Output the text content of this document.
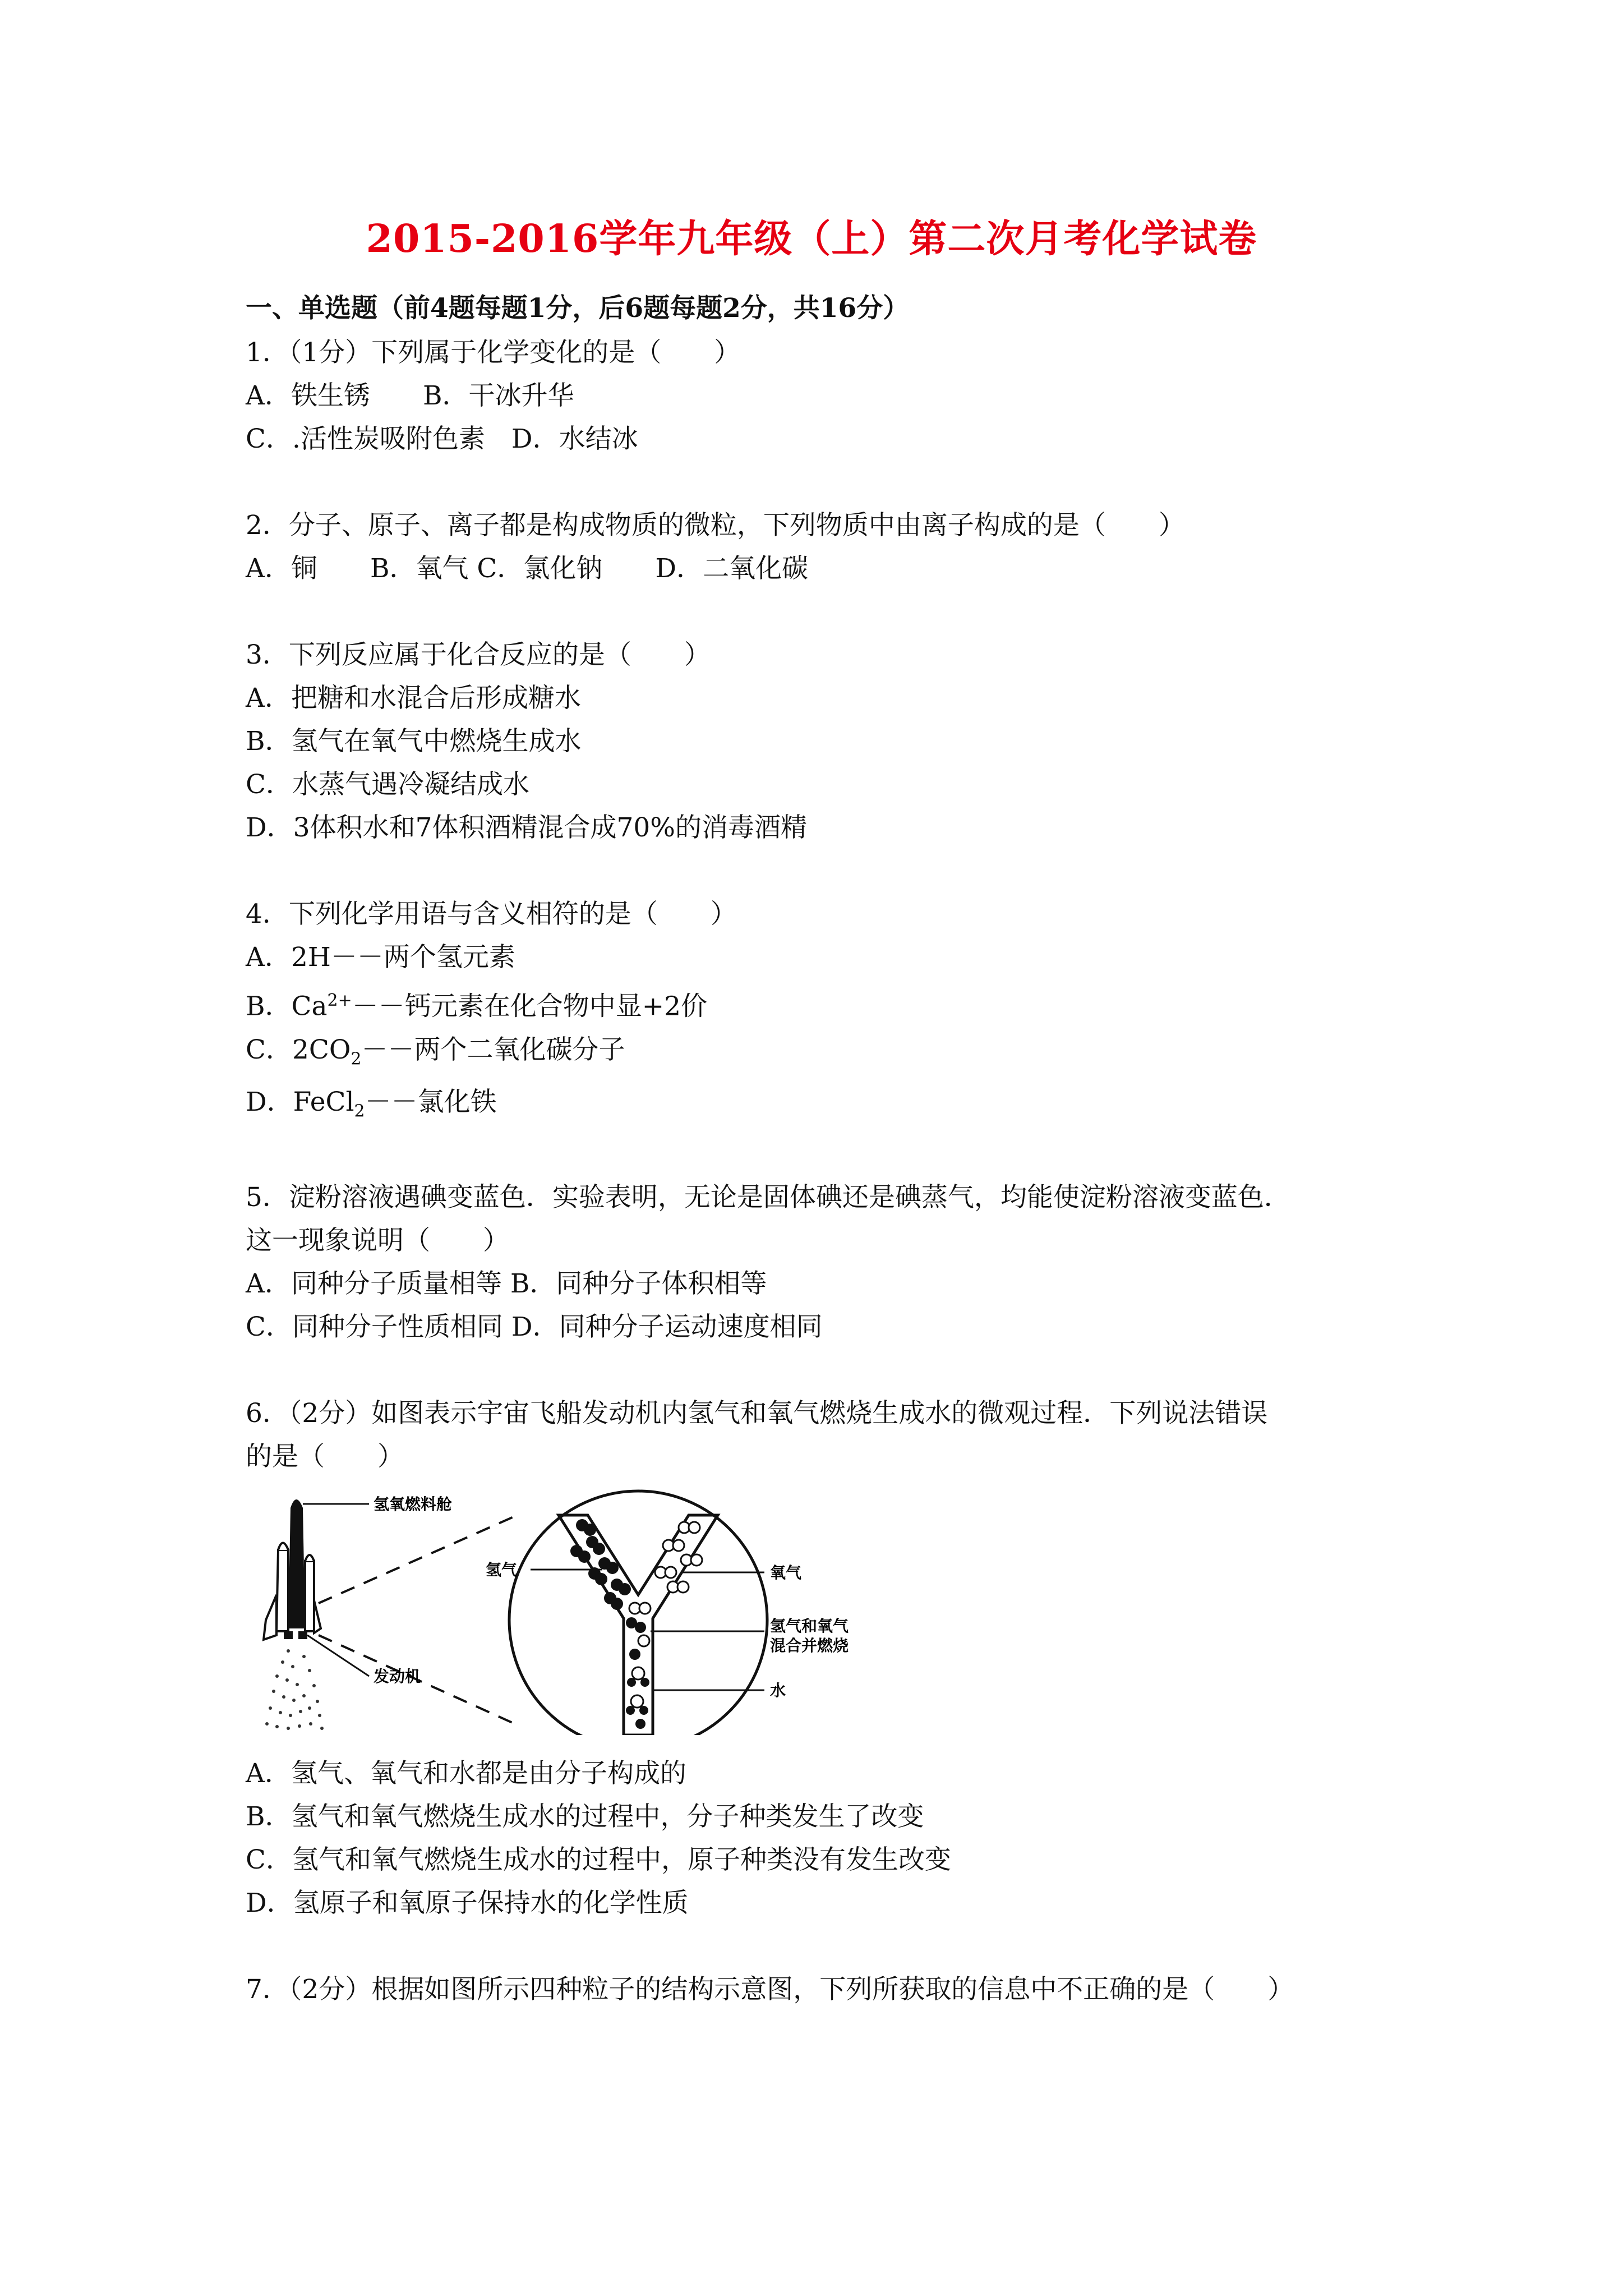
2015-2016学年九年级（上）第二次月考化学试卷
一、单选题（前4题每题1分，后6题每题2分，共16分）
1．（1分）下列属于化学变化的是（　　）
A．铁生锈　　B．干冰升华
C．.活性炭吸附色素　D．水结冰
2．分子、原子、离子都是构成物质的微粒，下列物质中由离子构成的是（　　）
A．铜　　B．氧气 C．氯化钠　　D．二氧化碳
3．下列反应属于化合反应的是（　　）
A．把糖和水混合后形成糖水
B．氢气在氧气中燃烧生成水
C．水蒸气遇冷凝结成水
D．3体积水和7体积酒精混合成70%的消毒酒精
4．下列化学用语与含义相符的是（　　）
A．2H－－两个氢元素
B．$Ca^{2+}--$钙元素在化合物中显+2价
C．$2CO_2--$两个二氧化碳分子
D．FeCl$_2$－－氯化铁
5．淀粉溶液遇碘变蓝色．实验表明，无论是固体碘还是碘蒸气，均能使淀粉溶液变蓝色．
这一现象说明（　　）
A．同种分子质量相等 B．同种分子体积相等
C．同种分子性质相同 D．同种分子运动速度相同
6．（2分）如图表示宇宙飞船发动机内氢气和氧气燃烧生成水的微观过程．下列说法错误
的是（　　）
氢氧燃料舱
氢气	氧气
氢气和氧气
混合并燃烧
水
发动机
A．氢气、氧气和水都是由分子构成的
B．氢气和氧气燃烧生成水的过程中，分子种类发生了改变
C．氢气和氧气燃烧生成水的过程中，原子种类没有发生改变
D．氢原子和氧原子保持水的化学性质
7．（2分）根据如图所示四种粒子的结构示意图，下列所获取的信息中不正确的是（　　）
